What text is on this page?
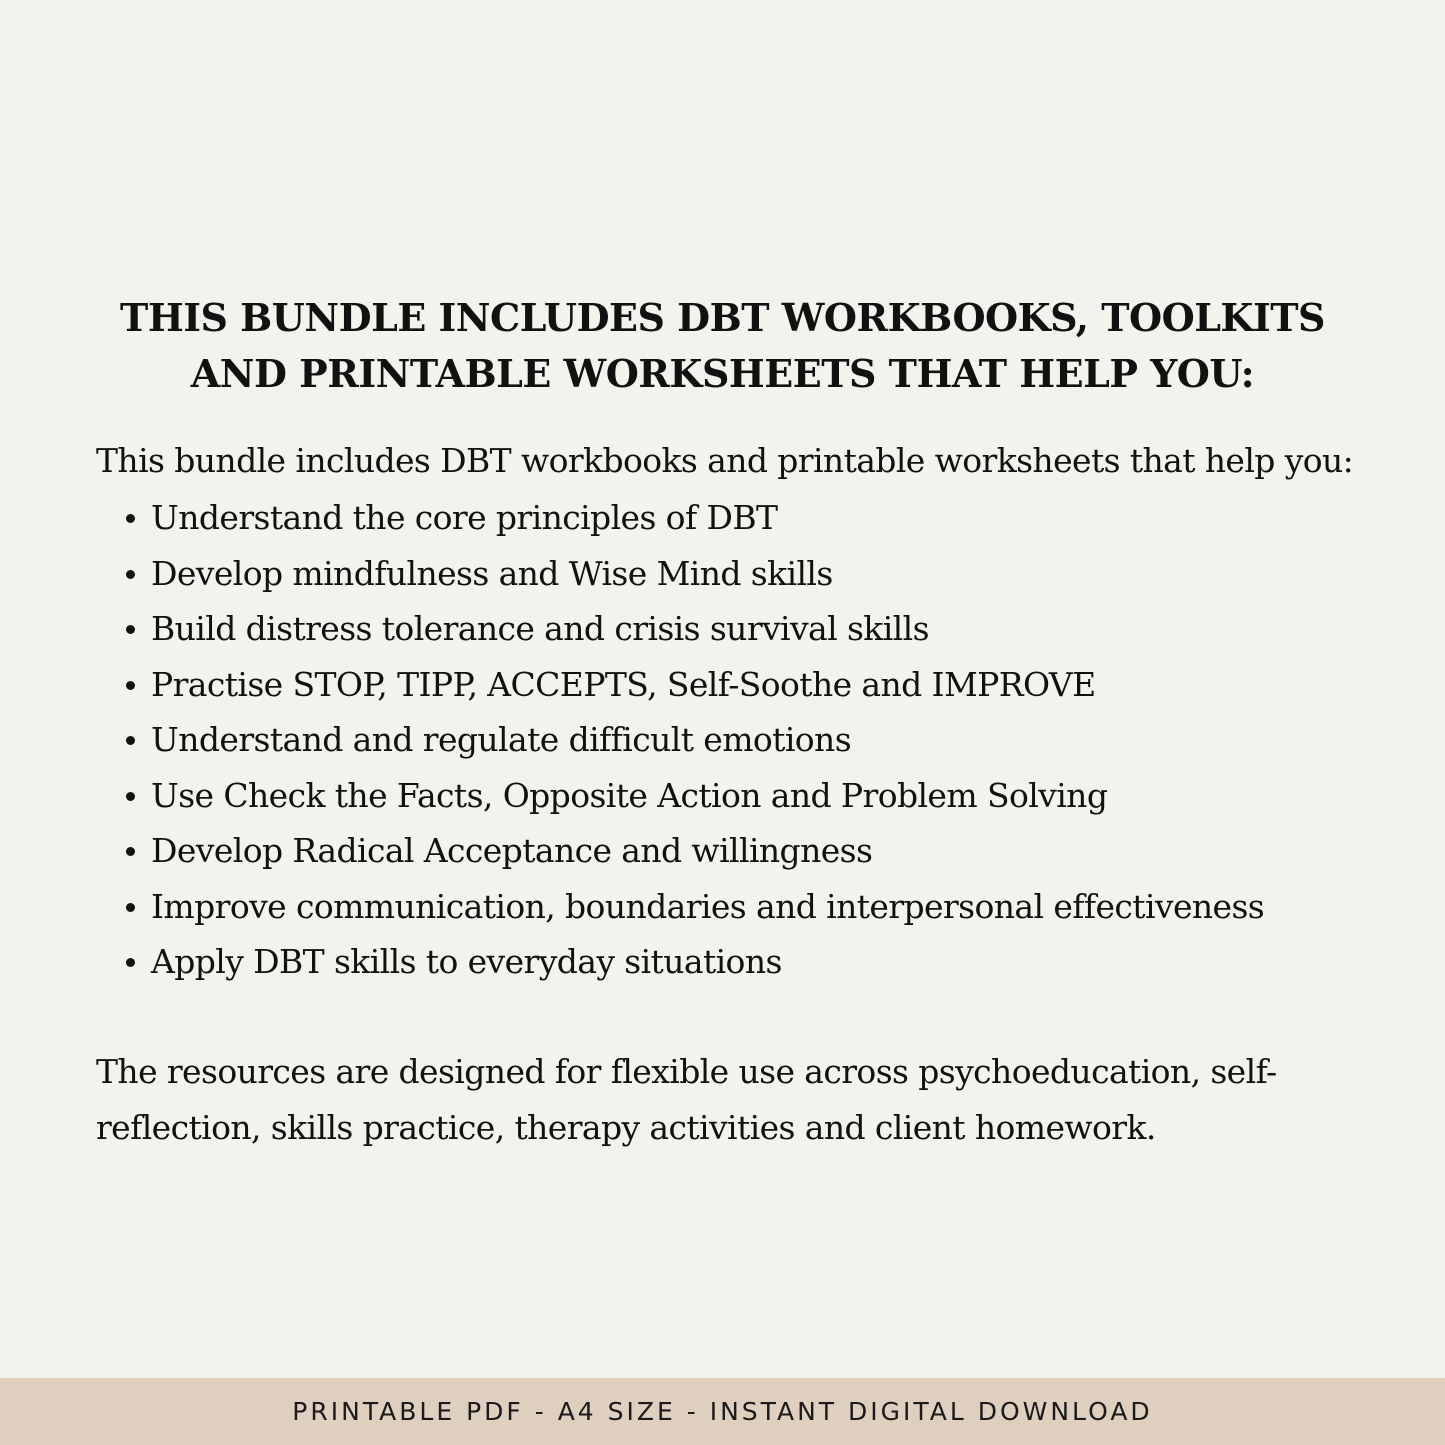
THIS BUNDLE INCLUDES DBT WORKBOOKS, TOOLKITS
AND PRINTABLE WORKSHEETS THAT HELP YOU:

This bundle includes DBT workbooks and printable worksheets that help you:

Understand the core principles of DBT
Develop mindfulness and Wise Mind skills
Build distress tolerance and crisis survival skills
Practise STOP, TIPP, ACCEPTS, Self-Soothe and IMPROVE
Understand and regulate difficult emotions
Use Check the Facts, Opposite Action and Problem Solving
Develop Radical Acceptance and willingness
Improve communication, boundaries and interpersonal effectiveness
Apply DBT skills to everyday situations

The resources are designed for flexible use across psychoeducation, self-
reflection, skills practice, therapy activities and client homework.

PRINTABLE PDF - A4 SIZE - INSTANT DIGITAL DOWNLOAD
